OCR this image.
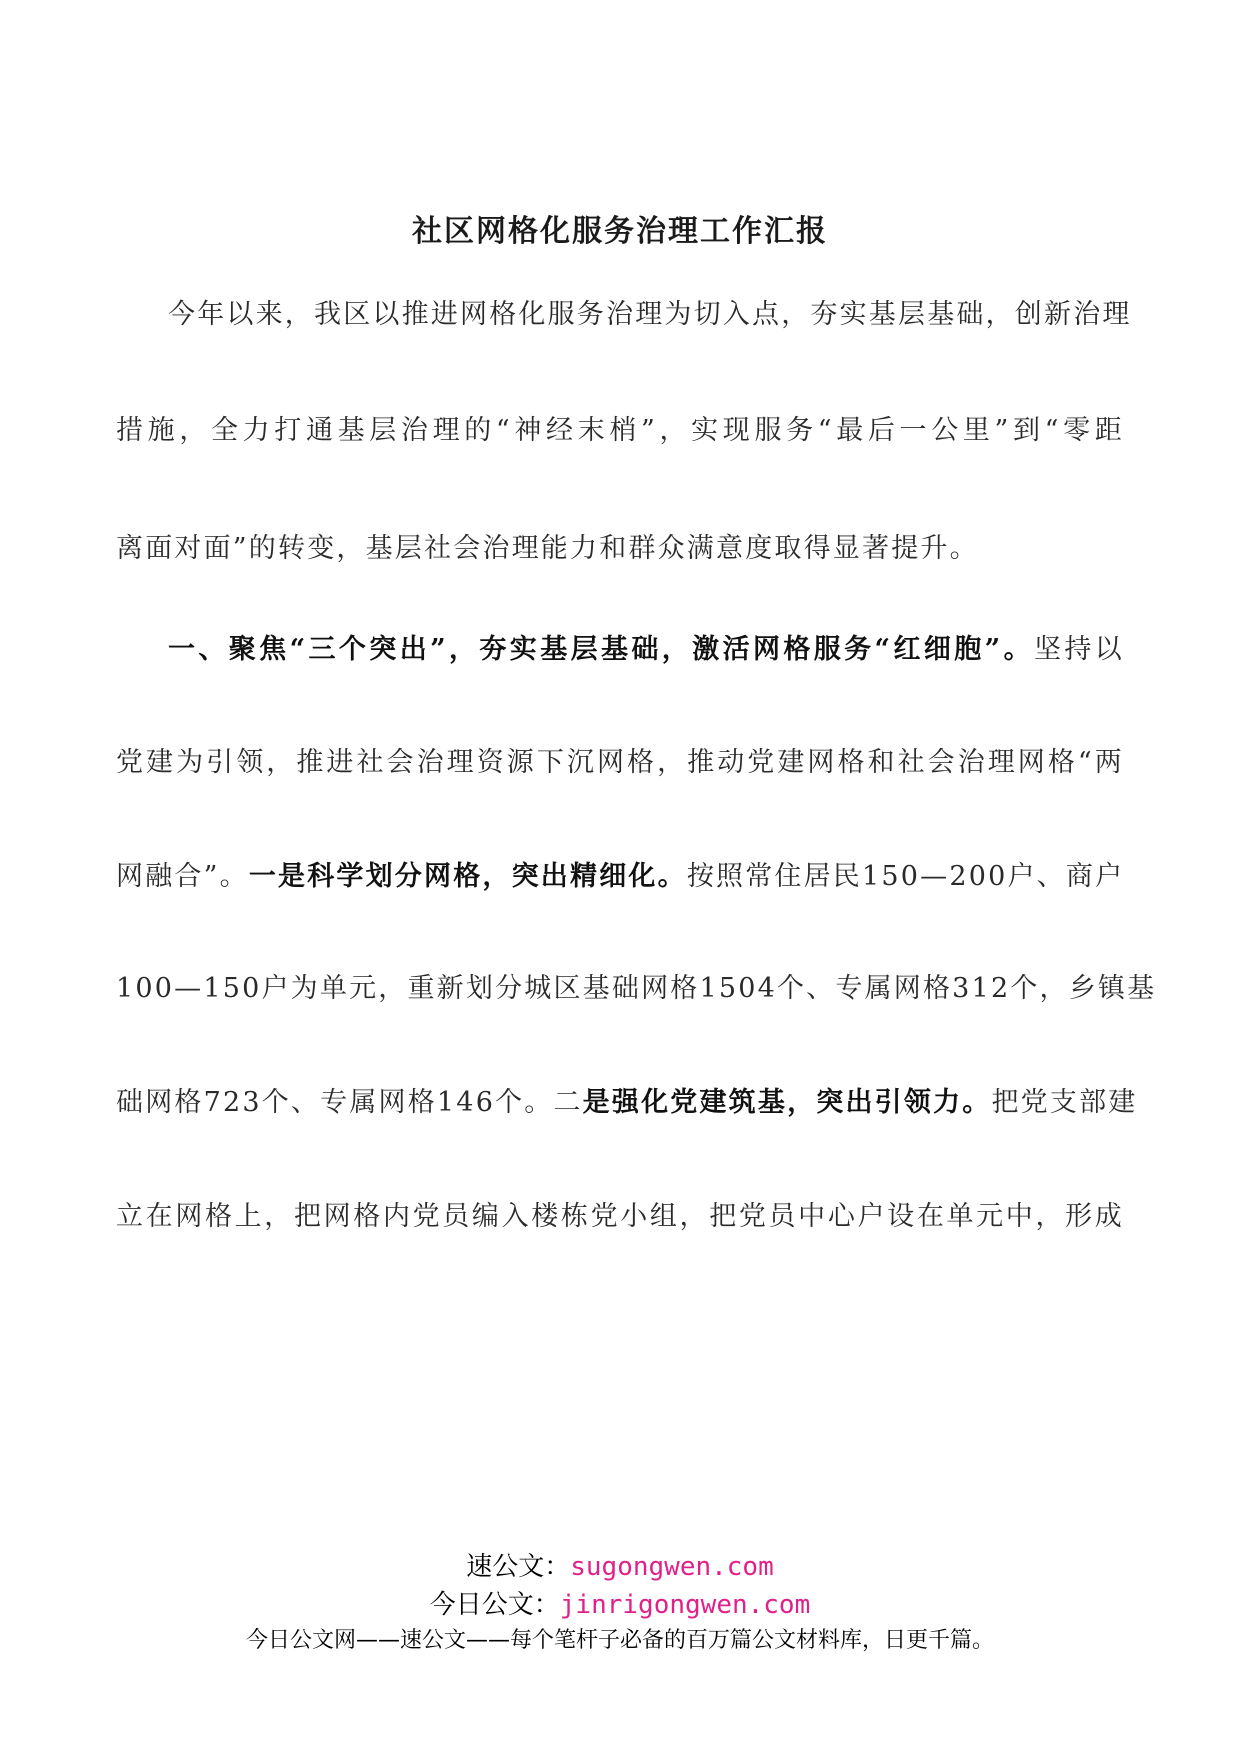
社区网格化服务治理工作汇报
今年以来，我区以推进网格化服务治理为切入点，夯实基层基础，创新治理
措施，全力打通基层治理的“神经末梢”，实现服务“最后一公里”到“零距
离面对面”的转变，基层社会治理能力和群众满意度取得显著提升。
一、聚焦“三个突出”，夯实基层基础，激活网格服务“红细胞”。坚持以
党建为引领，推进社会治理资源下沉网格，推动党建网格和社会治理网格“两
网融合”。一是科学划分网格，突出精细化。按照常住居民150—200户、商户
100—150户为单元，重新划分城区基础网格1504个、专属网格312个，乡镇基
础网格723个、专属网格146个。二是强化党建筑基，突出引领力。把党支部建
立在网格上，把网格内党员编入楼栋党小组，把党员中心户设在单元中，形成
速公文：sugongwen.com
今日公文：jinrigongwen.com
今日公文网——速公文——每个笔杆子必备的百万篇公文材料库，日更千篇。
